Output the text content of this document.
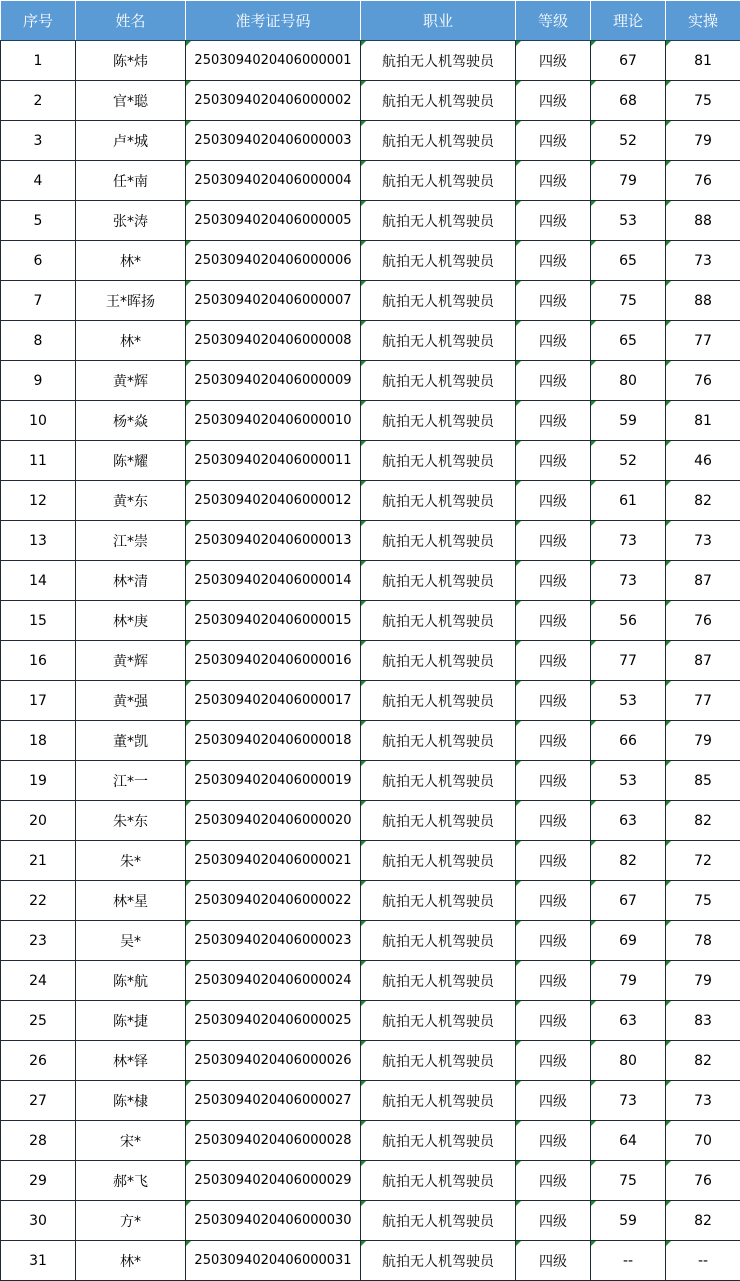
序号	姓名	准考证号码	职业	等级	理论	实操
1	陈*炜	2503094020406000001	航拍无人机驾驶员	四级	67	81
2	官*聪	2503094020406000002	航拍无人机驾驶员	四级	68	75
3	卢*城	2503094020406000003	航拍无人机驾驶员	四级	52	79
4	任*南	2503094020406000004	航拍无人机驾驶员	四级	79	76
5	张*涛	2503094020406000005	航拍无人机驾驶员	四级	53	88
6	林*	2503094020406000006	航拍无人机驾驶员	四级	65	73
7	王*晖扬	2503094020406000007	航拍无人机驾驶员	四级	75	88
8	林*	2503094020406000008	航拍无人机驾驶员	四级	65	77
9	黄*辉	2503094020406000009	航拍无人机驾驶员	四级	80	76
10	杨*焱	2503094020406000010	航拍无人机驾驶员	四级	59	81
11	陈*耀	2503094020406000011	航拍无人机驾驶员	四级	52	46
12	黄*东	2503094020406000012	航拍无人机驾驶员	四级	61	82
13	江*崇	2503094020406000013	航拍无人机驾驶员	四级	73	73
14	林*清	2503094020406000014	航拍无人机驾驶员	四级	73	87
15	林*庚	2503094020406000015	航拍无人机驾驶员	四级	56	76
16	黄*辉	2503094020406000016	航拍无人机驾驶员	四级	77	87
17	黄*强	2503094020406000017	航拍无人机驾驶员	四级	53	77
18	董*凯	2503094020406000018	航拍无人机驾驶员	四级	66	79
19	江*一	2503094020406000019	航拍无人机驾驶员	四级	53	85
20	朱*东	2503094020406000020	航拍无人机驾驶员	四级	63	82
21	朱*	2503094020406000021	航拍无人机驾驶员	四级	82	72
22	林*星	2503094020406000022	航拍无人机驾驶员	四级	67	75
23	吴*	2503094020406000023	航拍无人机驾驶员	四级	69	78
24	陈*航	2503094020406000024	航拍无人机驾驶员	四级	79	79
25	陈*捷	2503094020406000025	航拍无人机驾驶员	四级	63	83
26	林*铎	2503094020406000026	航拍无人机驾驶员	四级	80	82
27	陈*棣	2503094020406000027	航拍无人机驾驶员	四级	73	73
28	宋*	2503094020406000028	航拍无人机驾驶员	四级	64	70
29	郝*飞	2503094020406000029	航拍无人机驾驶员	四级	75	76
30	方*	2503094020406000030	航拍无人机驾驶员	四级	59	82
31	林*	2503094020406000031	航拍无人机驾驶员	四级	--	--
